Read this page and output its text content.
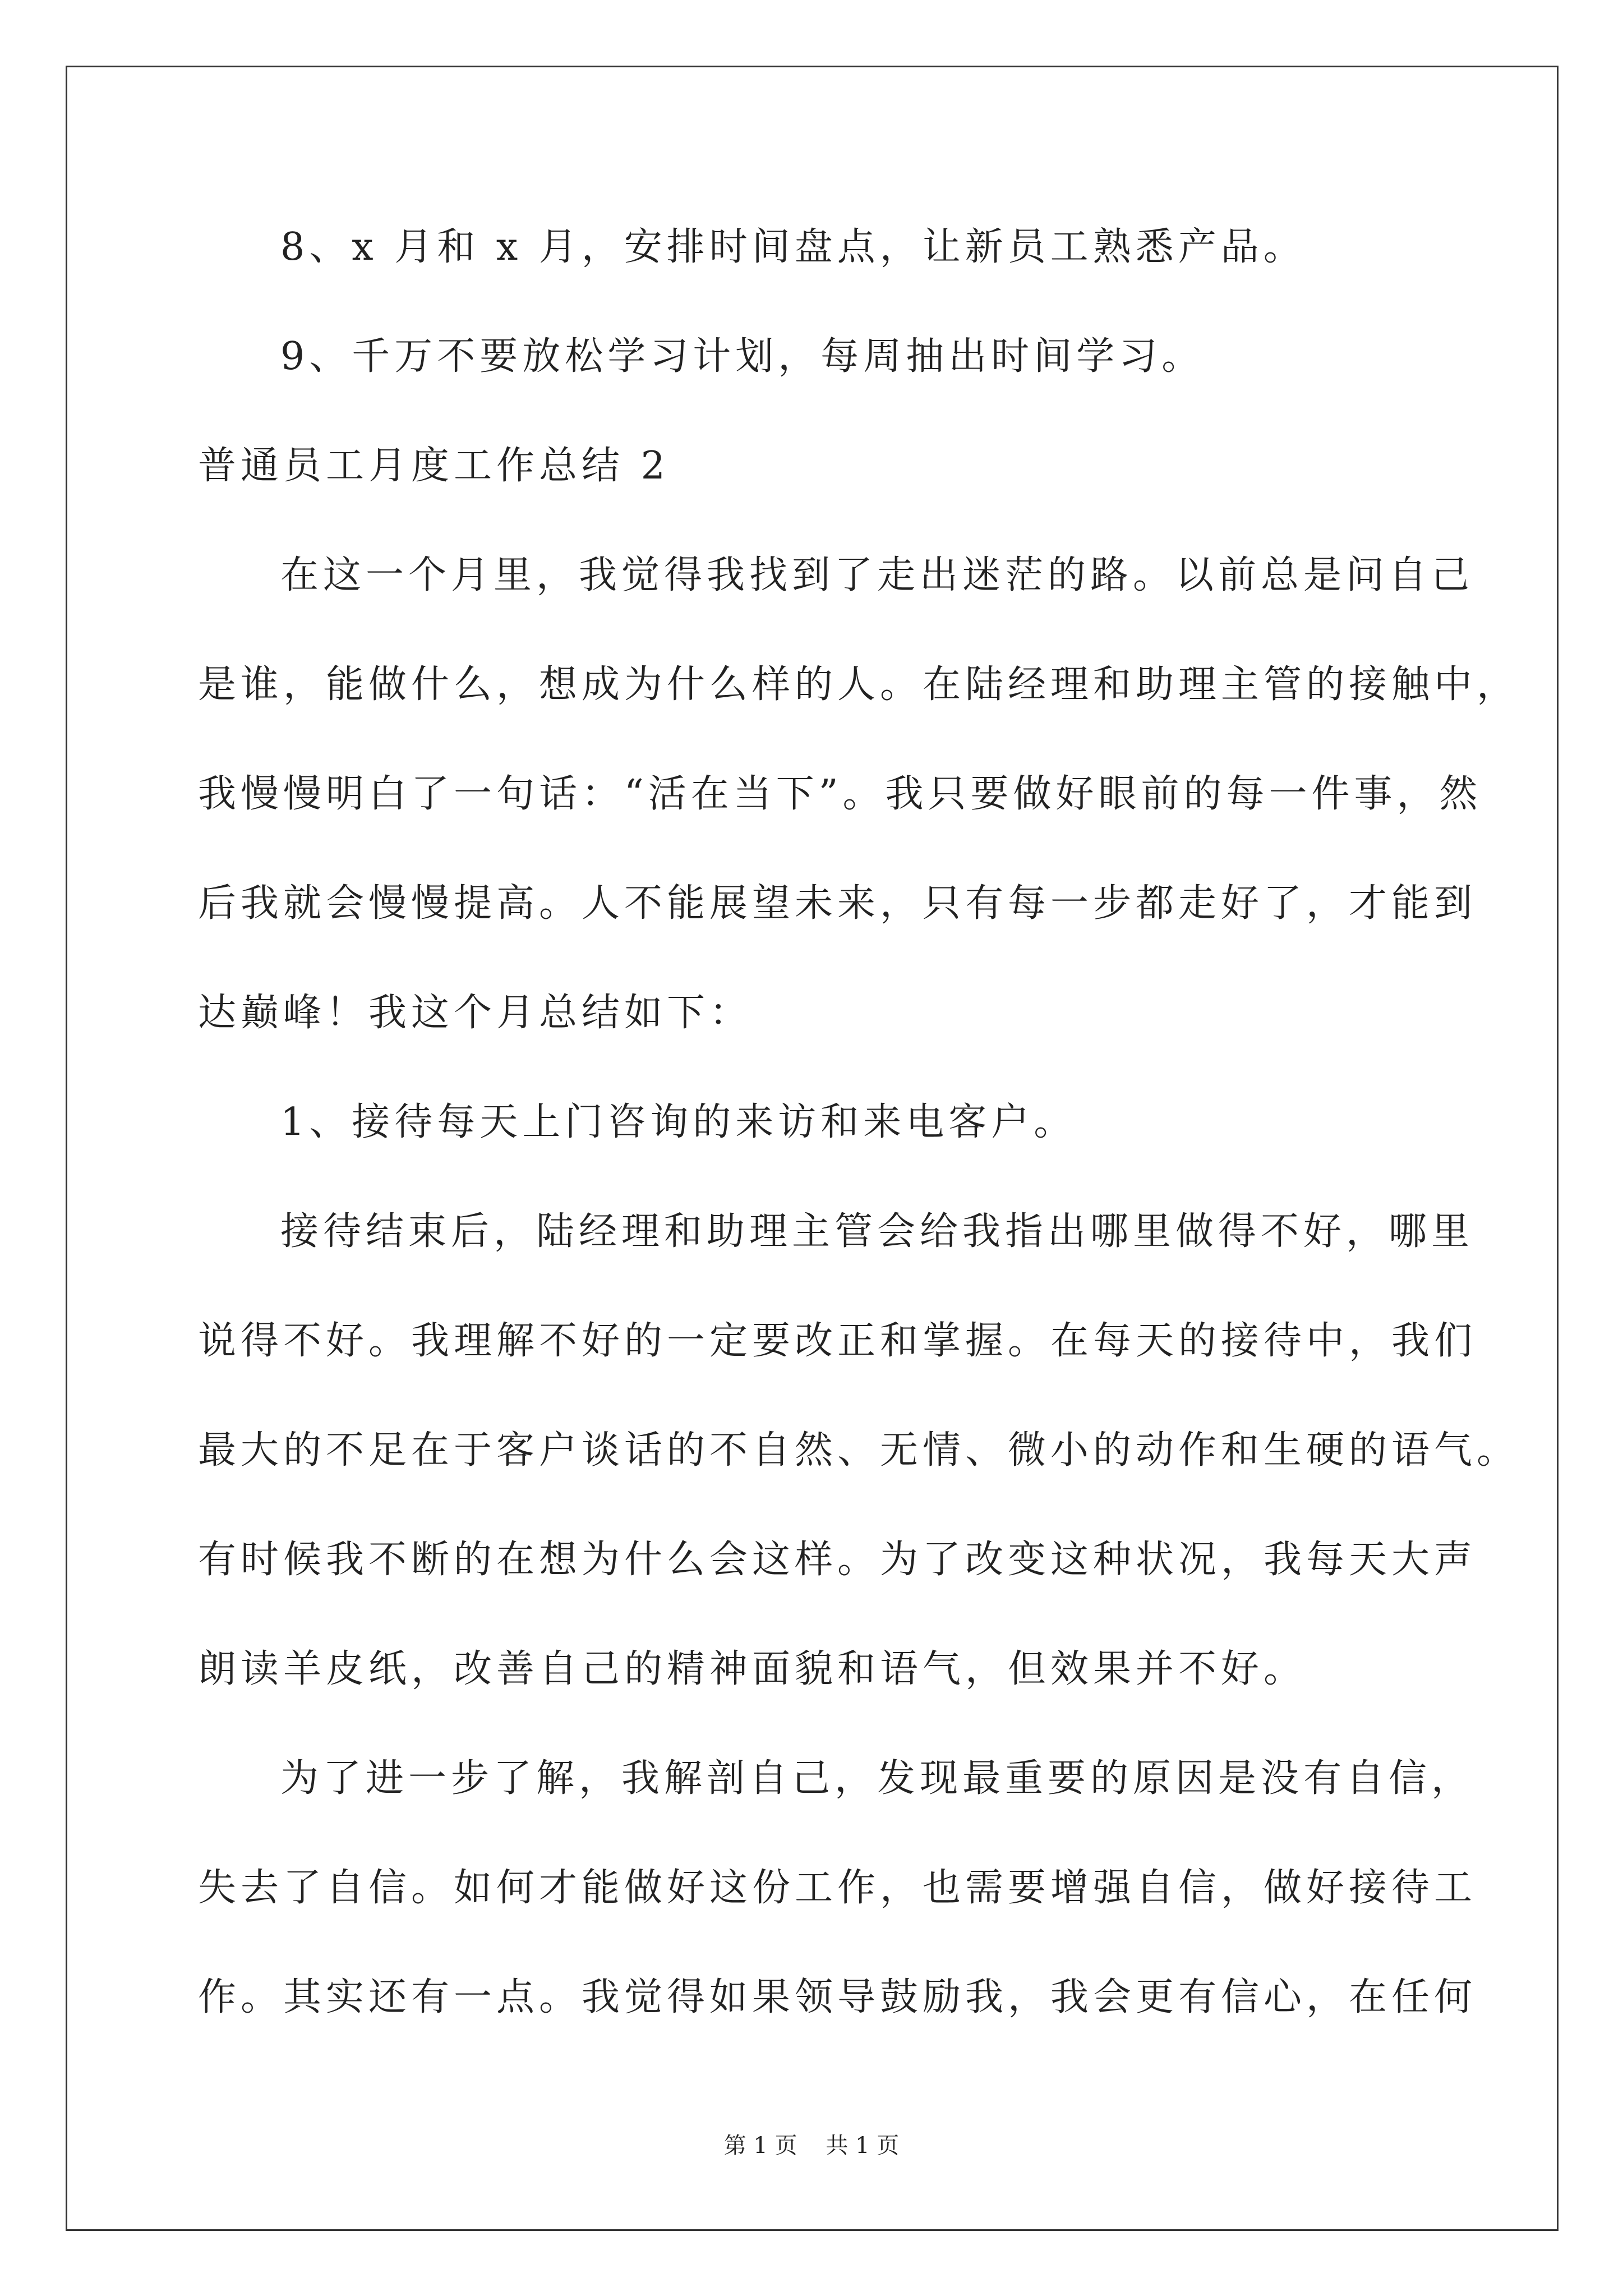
8、x 月和 x 月，安排时间盘点，让新员工熟悉产品。
9、千万不要放松学习计划，每周抽出时间学习。
普通员工月度工作总结 2
在这一个月里，我觉得我找到了走出迷茫的路。以前总是问自己
是谁，能做什么，想成为什么样的人。在陆经理和助理主管的接触中，
我慢慢明白了一句话：“活在当下”。我只要做好眼前的每一件事，然
后我就会慢慢提高。人不能展望未来，只有每一步都走好了，才能到
达巅峰！我这个月总结如下：
1、接待每天上门咨询的来访和来电客户。
接待结束后，陆经理和助理主管会给我指出哪里做得不好，哪里
说得不好。我理解不好的一定要改正和掌握。在每天的接待中，我们
最大的不足在于客户谈话的不自然、无情、微小的动作和生硬的语气。
有时候我不断的在想为什么会这样。为了改变这种状况，我每天大声
朗读羊皮纸，改善自己的精神面貌和语气，但效果并不好。
为了进一步了解，我解剖自己，发现最重要的原因是没有自信，
失去了自信。如何才能做好这份工作，也需要增强自信，做好接待工
作。其实还有一点。我觉得如果领导鼓励我，我会更有信心，在任何
第 1 页    共 1 页
